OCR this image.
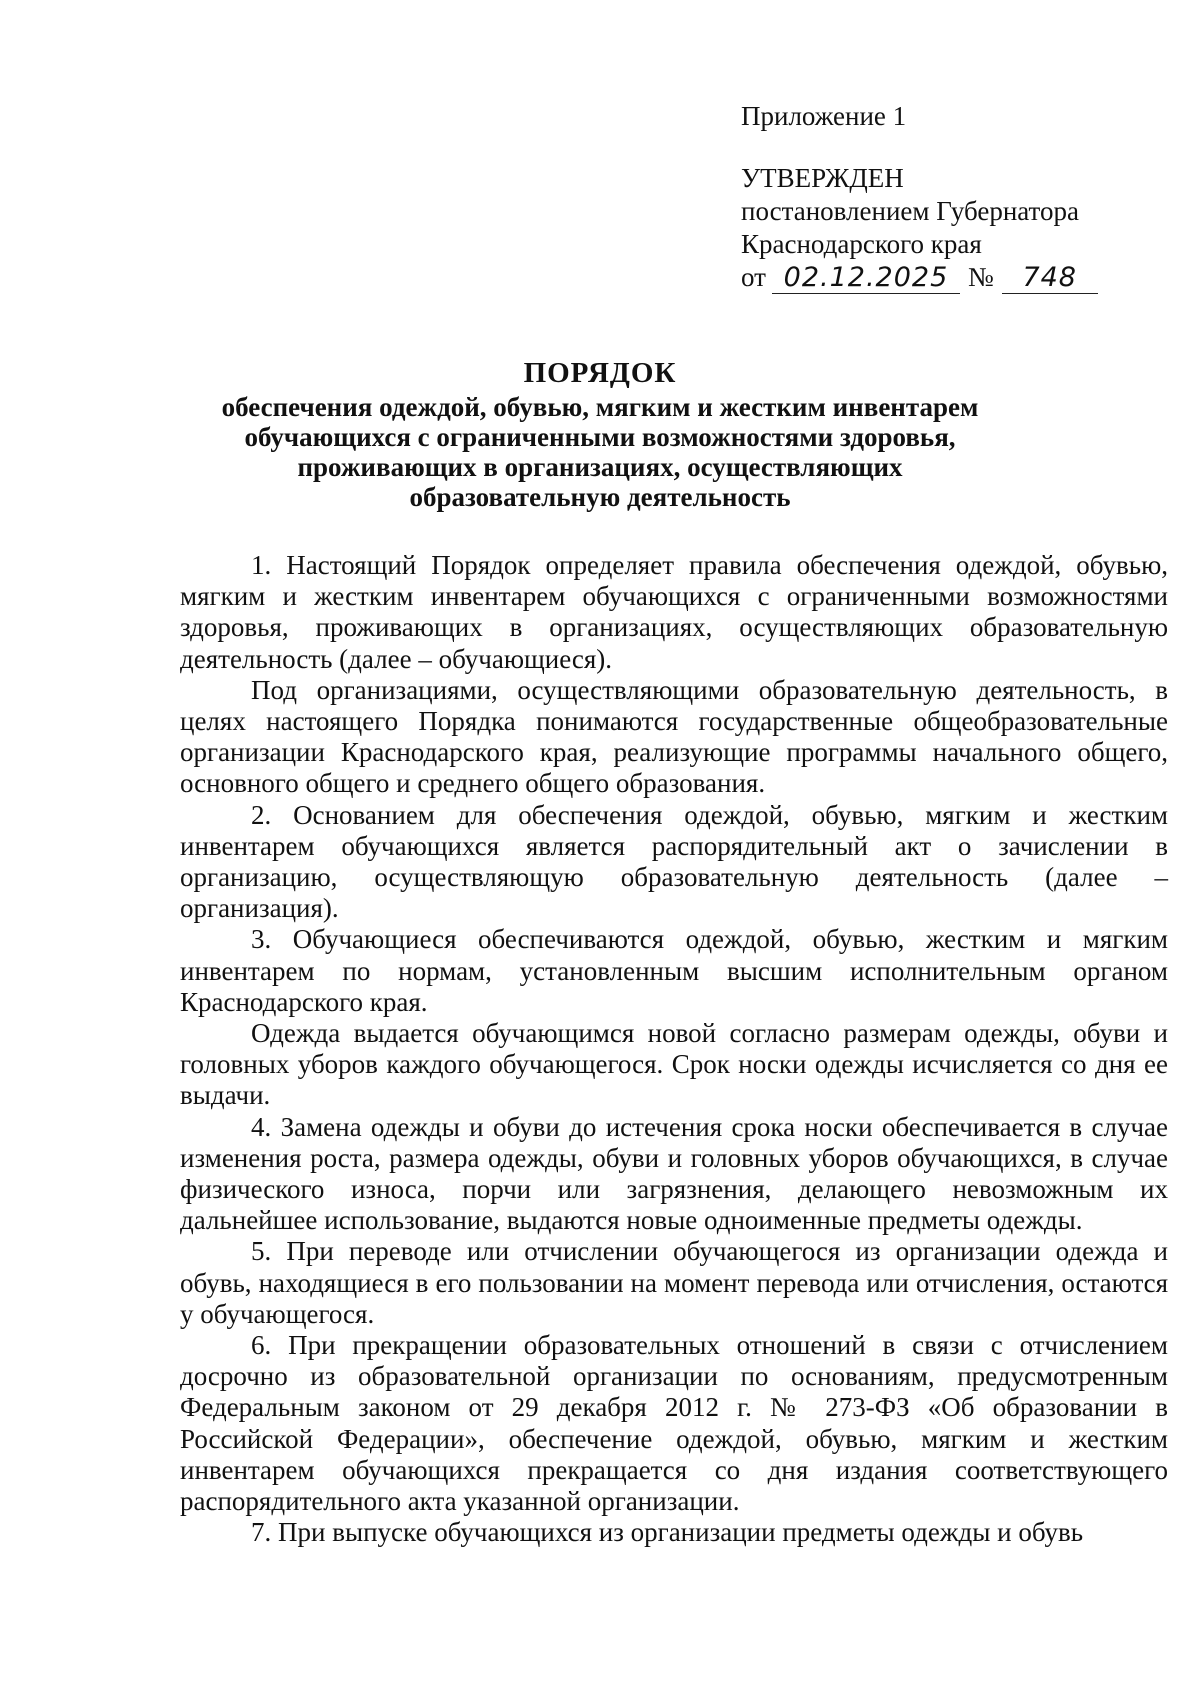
Приложение 1
УТВЕРЖДЕН
постановлением Губернатора
Краснодарского края
от 02.12.2025 № 748
ПОРЯДОК
обеспечения одеждой, обувью, мягким и жестким инвентарем
обучающихся с ограниченными возможностями здоровья,
проживающих в организациях, осуществляющих
образовательную деятельность

1. Настоящий Порядок определяет правила обеспечения одеждой, обувью, мягким и жестким инвентарем обучающихся с ограниченными возможностями здоровья, проживающих в организациях, осуществляющих образовательную деятельность (далее – обучающиеся).

Под организациями, осуществляющими образовательную деятельность, в целях настоящего Порядка понимаются государственные общеобразовательные организации Краснодарского края, реализующие программы начального общего, основного общего и среднего общего образования.

2. Основанием для обеспечения одеждой, обувью, мягким и жестким инвентарем обучающихся является распорядительный акт о зачислении в организацию, осуществляющую образовательную деятельность (далее – организация).

3. Обучающиеся обеспечиваются одеждой, обувью, жестким и мягким инвентарем по нормам, установленным высшим исполнительным органом Краснодарского края.

Одежда выдается обучающимся новой согласно размерам одежды, обуви и головных уборов каждого обучающегося. Срок носки одежды исчисляется со дня ее выдачи.

4. Замена одежды и обуви до истечения срока носки обеспечивается в случае изменения роста, размера одежды, обуви и головных уборов обучающихся, в случае физического износа, порчи или загрязнения, делающего невозможным их дальнейшее использование, выдаются новые одноименные предметы одежды.

5. При переводе или отчислении обучающегося из организации одежда и обувь, находящиеся в его пользовании на момент перевода или отчисления, остаются у обучающегося.

6. При прекращении образовательных отношений в связи с отчислением досрочно из образовательной организации по основаниям, предусмотренным Федеральным законом от 29 декабря 2012 г. № 273-ФЗ «Об образовании в Российской Федерации», обеспечение одеждой, обувью, мягким и жестким инвентарем обучающихся прекращается со дня издания соответствующего распорядительного акта указанной организации.

7. При выпуске обучающихся из организации предметы одежды и обувь
